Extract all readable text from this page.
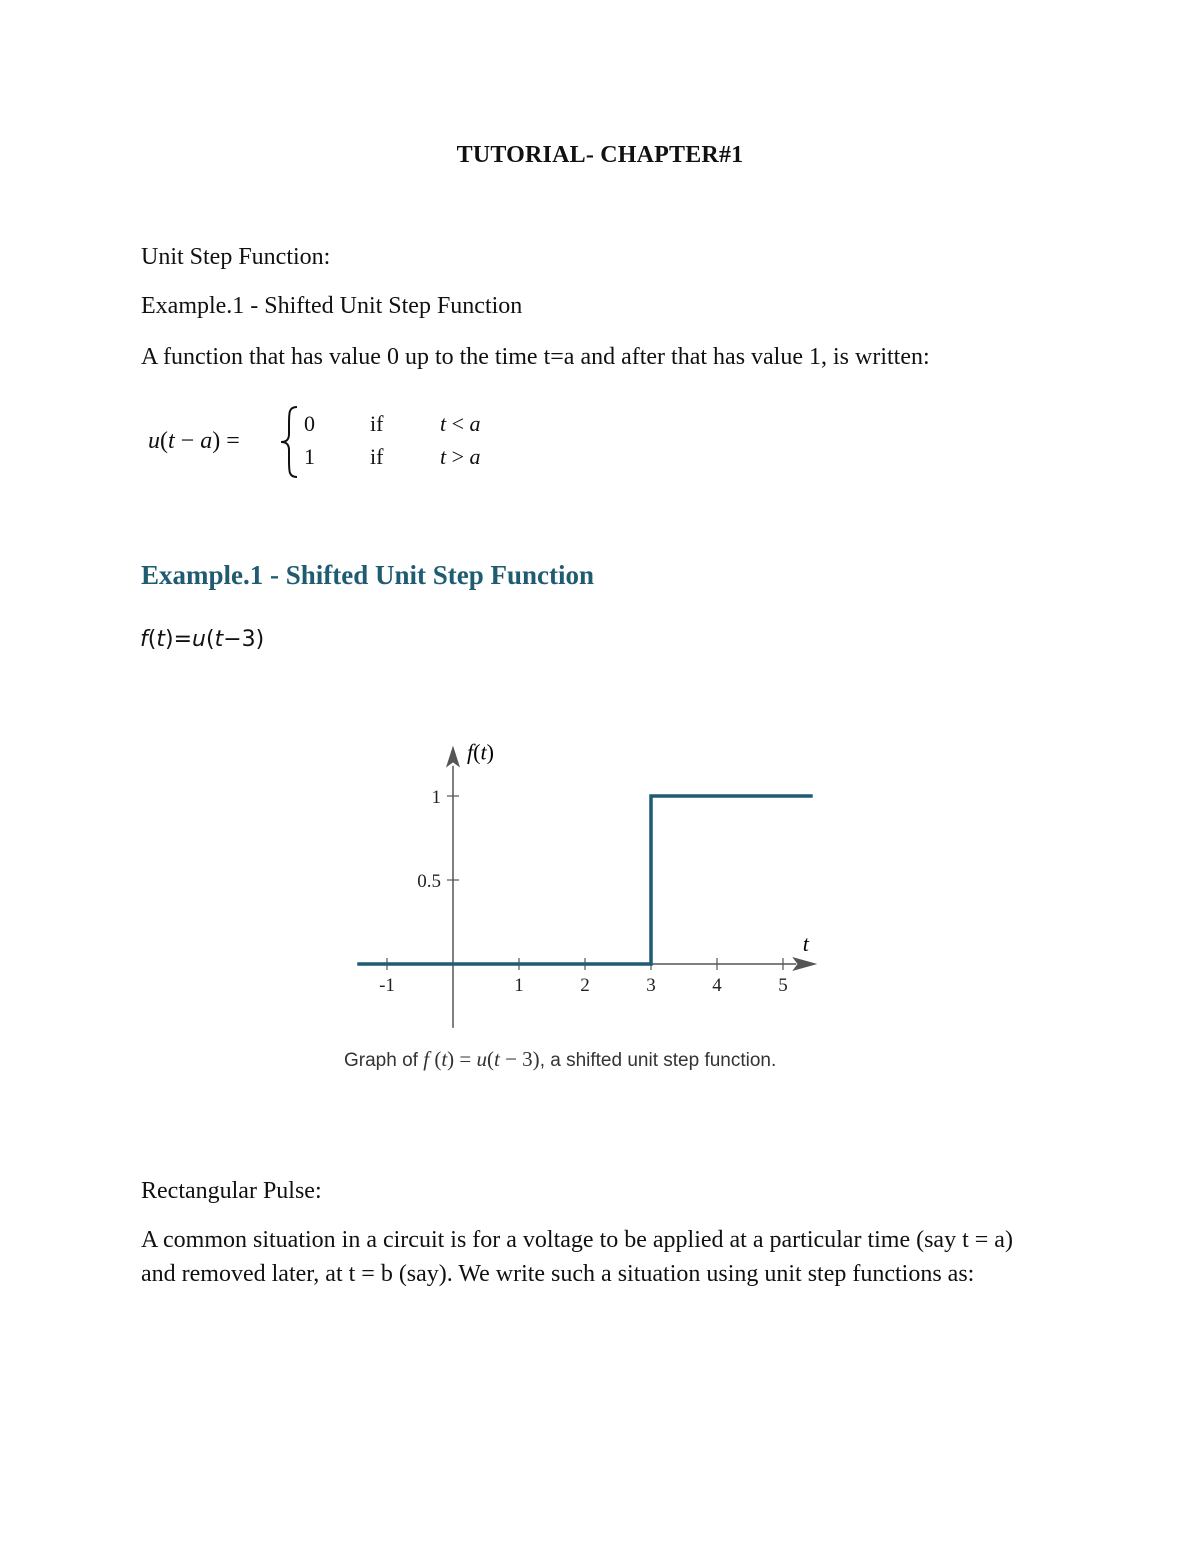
TUTORIAL- CHAPTER#1
Unit Step Function:
Example.1 - Shifted Unit Step Function
A function that has value 0 up to the time t=a and after that has value 1, is written:
u(t − a) =
0	if	t < a
1	if	t > a
Example.1 - Shifted Unit Step Function
f(t)=u(t−3)
-1	1	2	3	4	5
0.5
1
f(t)
t
Graph of f (t) = u(t − 3), a shifted unit step function.
Rectangular Pulse:
A common situation in a circuit is for a voltage to be applied at a particular time (say t = a) and removed later, at t = b (say). We write such a situation using unit step functions as:
